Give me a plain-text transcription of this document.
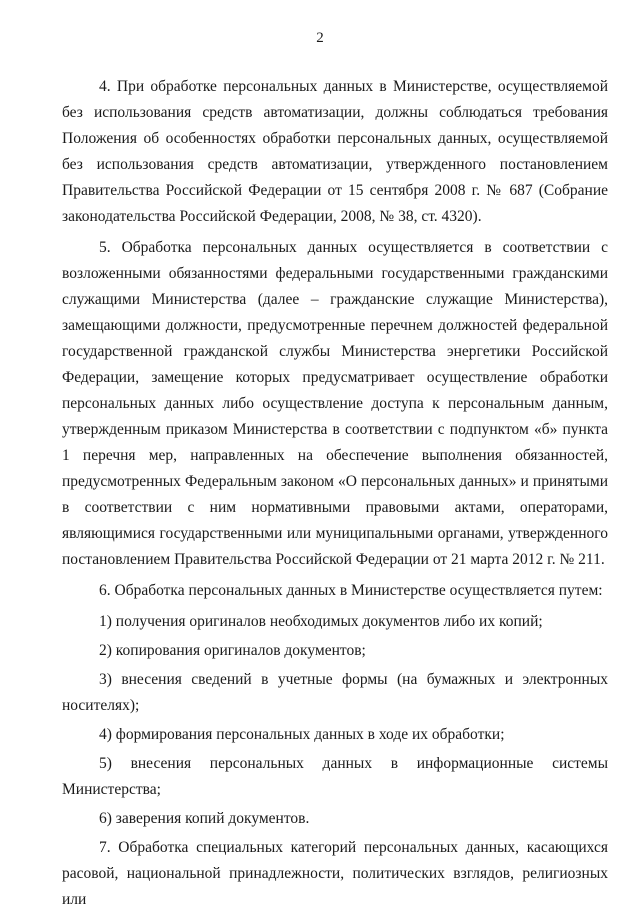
2

4. При обработке персональных данных в Министерстве, осуществляемой без использования средств автоматизации, должны соблюдаться требования Положения об особенностях обработки персональных данных, осуществляемой без использования средств автоматизации, утвержденного постановлением Правительства Российской Федерации от 15 сентября 2008 г. № 687 (Собрание законодательства Российской Федерации, 2008, № 38, ст. 4320).

5. Обработка персональных данных осуществляется в соответствии с возложенными обязанностями федеральными государственными гражданскими служащими Министерства (далее – гражданские служащие Министерства), замещающими должности, предусмотренные перечнем должностей федеральной государственной гражданской службы Министерства энергетики Российской Федерации, замещение которых предусматривает осуществление обработки персональных данных либо осуществление доступа к персональным данным, утвержденным приказом Министерства в соответствии с подпунктом «б» пункта 1 перечня мер, направленных на обеспечение выполнения обязанностей, предусмотренных Федеральным законом «О персональных данных» и принятыми в соответствии с ним нормативными правовыми актами, операторами, являющимися государственными или муниципальными органами, утвержденного постановлением Правительства Российской Федерации от 21 марта 2012 г. № 211.

6. Обработка персональных данных в Министерстве осуществляется путем:

1) получения оригиналов необходимых документов либо их копий;

2) копирования оригиналов документов;

3) внесения сведений в учетные формы (на бумажных и электронных носителях);

4) формирования персональных данных в ходе их обработки;

5) внесения персональных данных в информационные системы Министерства;

6) заверения копий документов.

7. Обработка специальных категорий персональных данных, касающихся расовой, национальной принадлежности, политических взглядов, религиозных или
